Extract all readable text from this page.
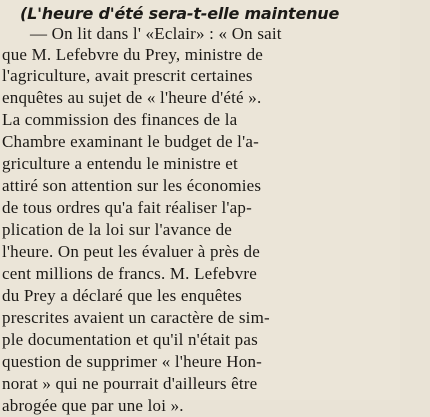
(L'heure d'été sera-t-elle maintenue
— On lit dans l' «Eclair» : « On sait
que M. Lefebvre du Prey, ministre de
l'agriculture, avait prescrit certaines
enquêtes au sujet de « l'heure d'été ».
La commission des finances de la
Chambre examinant le budget de l'a-
griculture a entendu le ministre et
attiré son attention sur les économies
de tous ordres qu'a fait réaliser l'ap-
plication de la loi sur l'avance de
l'heure. On peut les évaluer à près de
cent millions de francs. M. Lefebvre
du Prey a déclaré que les enquêtes
prescrites avaient un caractère de sim-
ple documentation et qu'il n'était pas
question de supprimer « l'heure Hon-
norat » qui ne pourrait d'ailleurs être
abrogée que par une loi ».
